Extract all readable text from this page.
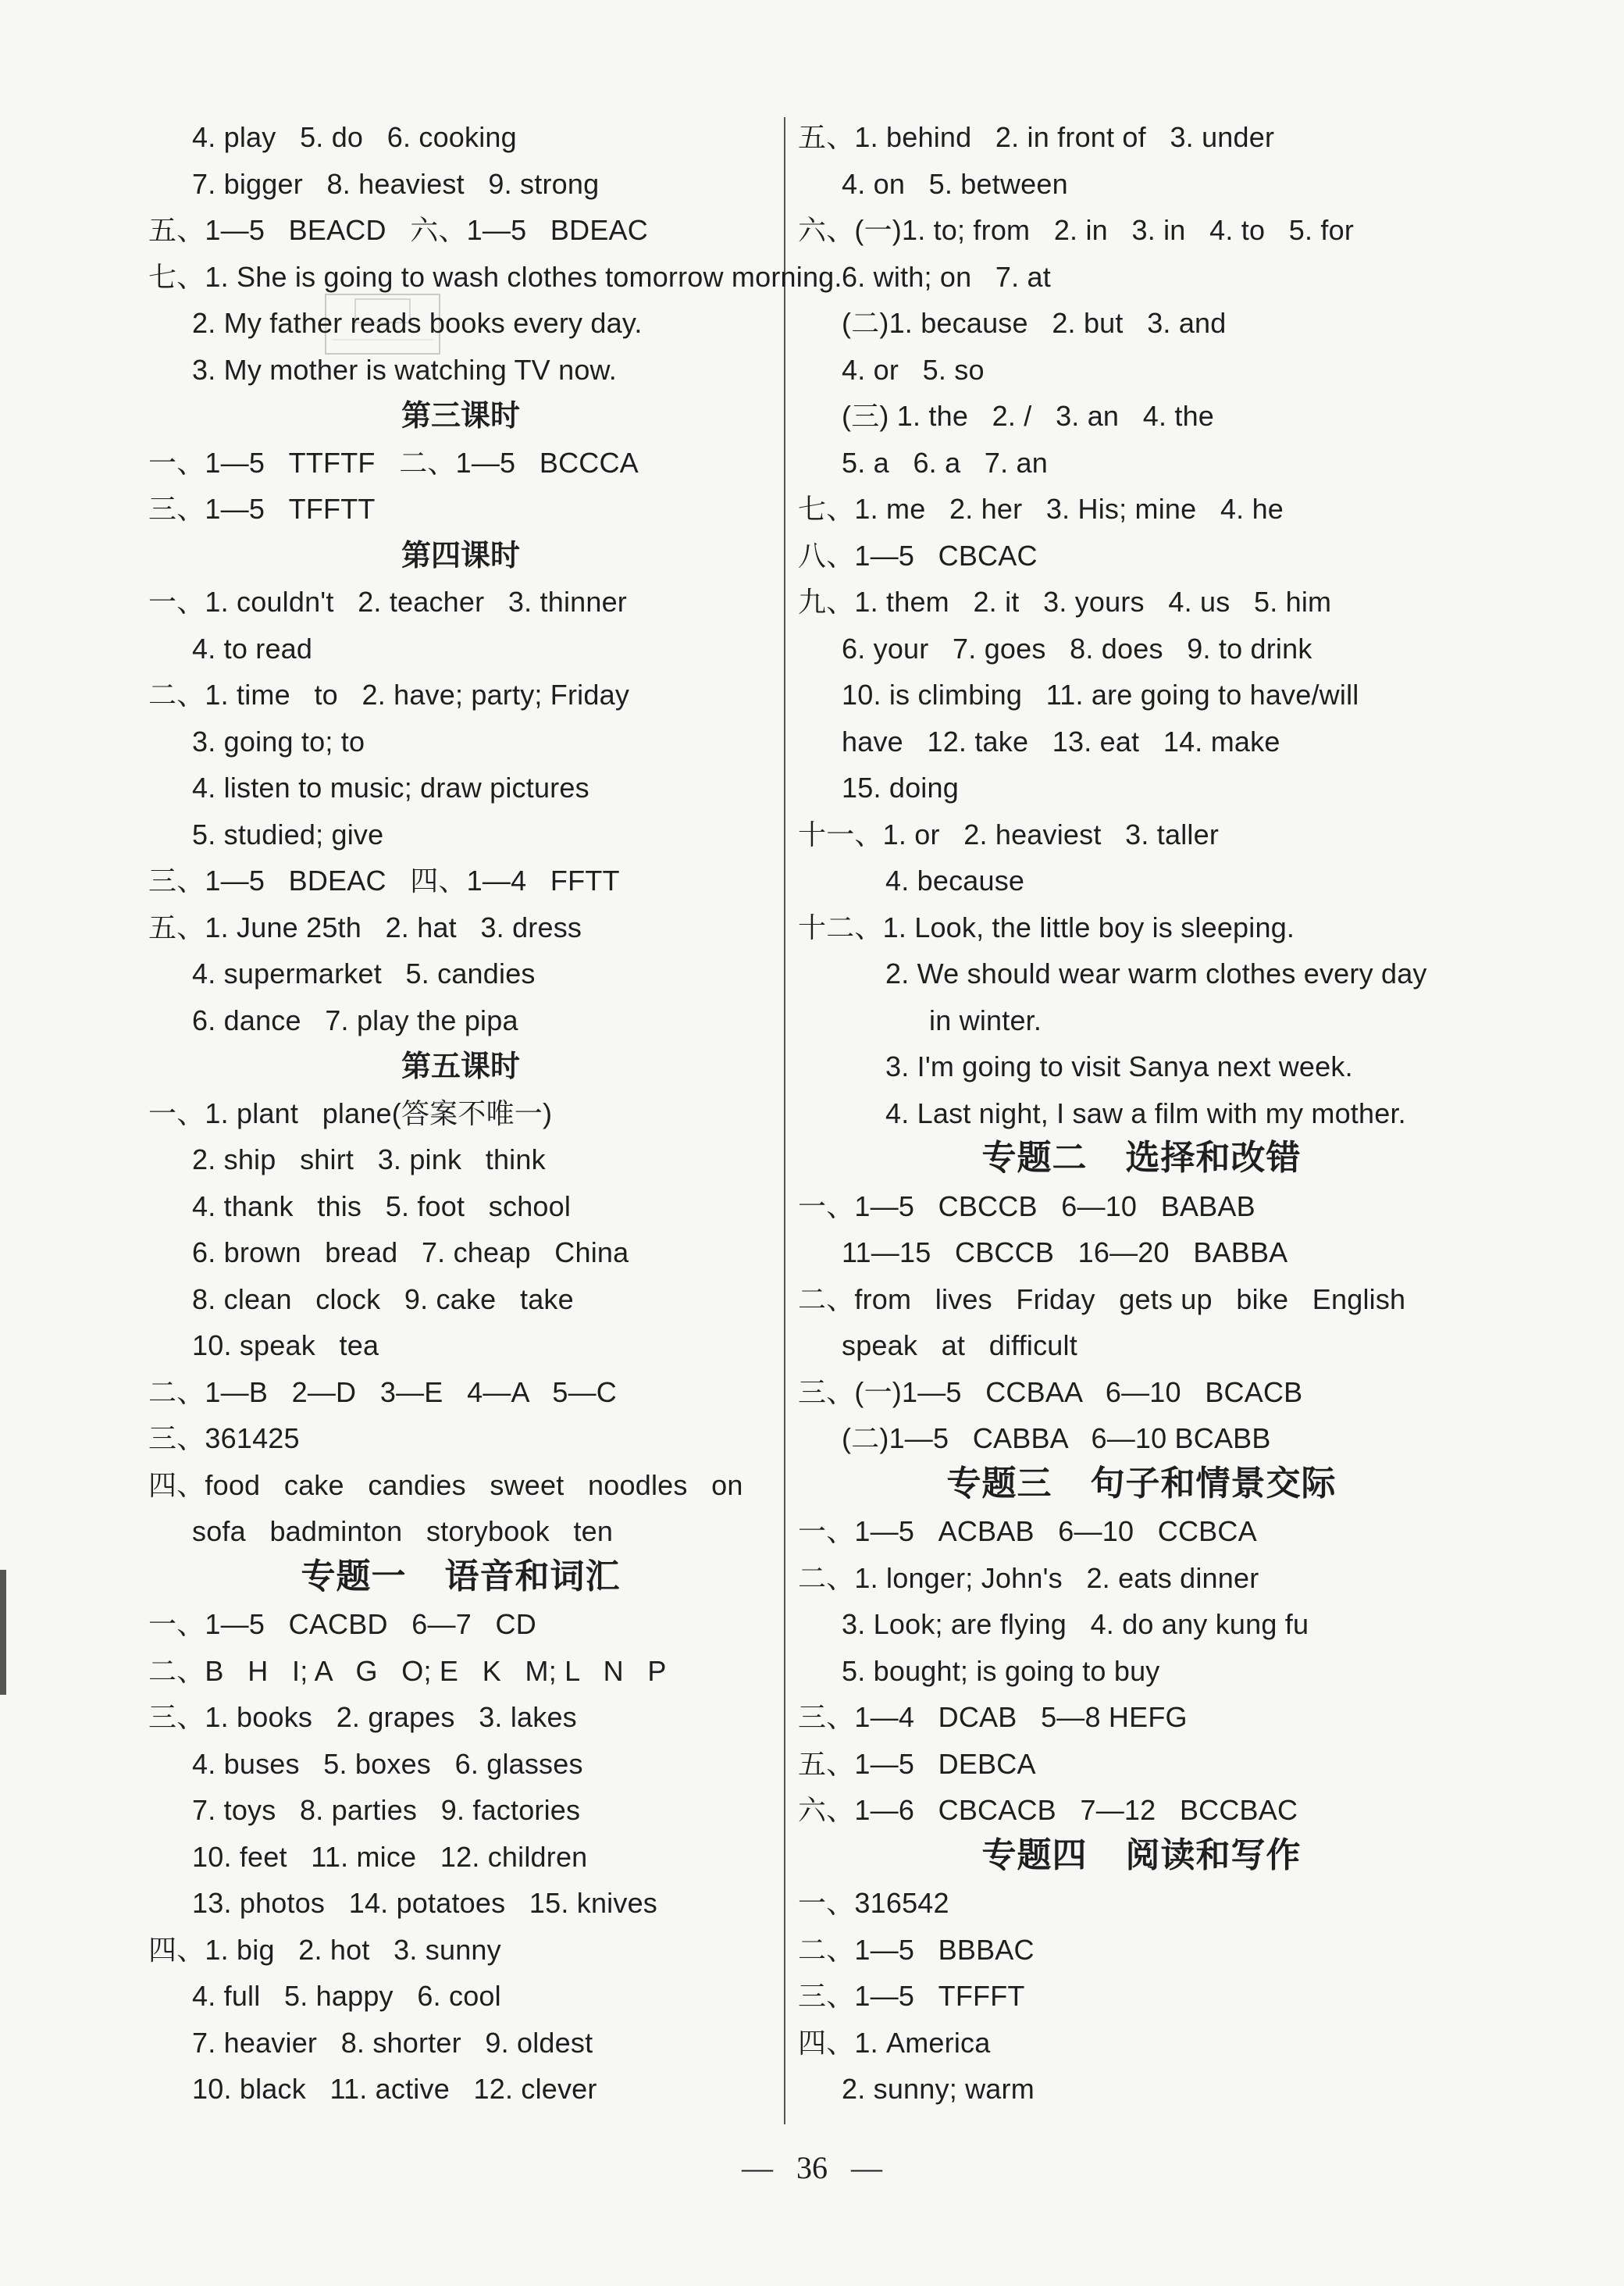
4. play   5. do   6. cooking
7. bigger   8. heaviest   9. strong
五、1—5   BEACD   六、1—5   BDEAC
七、1. She is going to wash clothes tomorrow morning.
2. My father reads books every day.
3. My mother is watching TV now.
第三课时
一、1—5   TTFTF   二、1—5   BCCCA
三、1—5   TFFTT
第四课时
一、1. couldn't   2. teacher   3. thinner
4. to read
二、1. time   to   2. have; party; Friday
3. going to; to
4. listen to music; draw pictures
5. studied; give
三、1—5   BDEAC   四、1—4   FFTT
五、1. June 25th   2. hat   3. dress
4. supermarket   5. candies
6. dance   7. play the pipa
第五课时
一、1. plant   plane(答案不唯一)
2. ship   shirt   3. pink   think
4. thank   this   5. foot   school
6. brown   bread   7. cheap   China
8. clean   clock   9. cake   take
10. speak   tea
二、1—B   2—D   3—E   4—A   5—C
三、361425
四、food   cake   candies   sweet   noodles   on
sofa   badminton   storybook   ten
专题一   语音和词汇
一、1—5   CACBD   6—7   CD
二、B   H   I; A   G   O; E   K   M; L   N   P
三、1. books   2. grapes   3. lakes
4. buses   5. boxes   6. glasses
7. toys   8. parties   9. factories
10. feet   11. mice   12. children
13. photos   14. potatoes   15. knives
四、1. big   2. hot   3. sunny
4. full   5. happy   6. cool
7. heavier   8. shorter   9. oldest
10. black   11. active   12. clever
五、1. behind   2. in front of   3. under
4. on   5. between
六、(一)1. to; from   2. in   3. in   4. to   5. for
6. with; on   7. at
(二)1. because   2. but   3. and
4. or   5. so
(三) 1. the   2. /   3. an   4. the
5. a   6. a   7. an
七、1. me   2. her   3. His; mine   4. he
八、1—5   CBCAC
九、1. them   2. it   3. yours   4. us   5. him
6. your   7. goes   8. does   9. to drink
10. is climbing   11. are going to have/will
have   12. take   13. eat   14. make
15. doing
十一、1. or   2. heaviest   3. taller
4. because
十二、1. Look, the little boy is sleeping.
2. We should wear warm clothes every day
in winter.
3. I'm going to visit Sanya next week.
4. Last night, I saw a film with my mother.
专题二   选择和改错
一、1—5   CBCCB   6—10   BABAB
11—15   CBCCB   16—20   BABBA
二、from   lives   Friday   gets up   bike   English
speak   at   difficult
三、(一)1—5   CCBAA   6—10   BCACB
(二)1—5   CABBA   6—10 BCABB
专题三   句子和情景交际
一、1—5   ACBAB   6—10   CCBCA
二、1. longer; John's   2. eats dinner
3. Look; are flying   4. do any kung fu
5. bought; is going to buy
三、1—4   DCAB   5—8 HEFG
五、1—5   DEBCA
六、1—6   CBCACB   7—12   BCCBAC
专题四   阅读和写作
一、316542
二、1—5   BBBAC
三、1—5   TFFFT
四、1. America
2. sunny; warm
—   36   —
